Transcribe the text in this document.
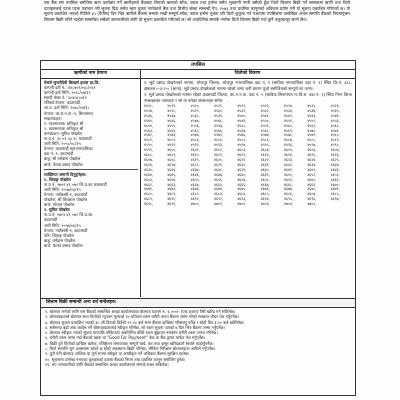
यस बैंक संग तपसिल बमोजिम ऋण कारोबार गर्ने ऋणीहरुले बैंकबाट लिएको ऋणको साँवा, ब्याज तथा हर्जना समेत भुक्तानी नगरी बसेको हुँदा धितो लिलाम बिक्री गर्ने सम्बन्धमा ऋणी तथा धितो दाताहरुलाई पटक पटक पत्राचार गरी सूचना दिंदा समेत ऋण चुक्ता नगरेकाले बैंक तथा वित्तीय संस्था सम्बन्धी ऐन, २०७३ तथा प्रचलित कानूनको अधिकार प्रयोग गरी यो सूचना प्रकाशित गरिएको छ। यो सूचना प्रकाशित भएको मितिले ३५ (पैंतीस) दिन भित्र ऋणीले बैंकमा सम्पर्क राखी सम्पूर्ण साँवा, ब्याज हर्जना चुक्ता गरी धितो फुकुवा गर्न नआएमा तपसिलमा उल्लेखित अचल सम्पत्ति बैंकको नियमानुसार लिलाम बिक्री गरिने व्यहोरा सम्बन्धित सबैको जानकारीको लागि यो सूचना प्रकाशित गरिएको छ। सो अवधिभित्र सम्पर्क नगरेमा धितो लिलाम बिक्री गर्दा कुनै उजुरबाजुर लाग्ने छैन।

तपसिल
ऋणीको नाम ठेगाना	धितोको विवरण
मेसर्स सुन्दरीदेवी बिल्डर्स हाउस प्रा.लि.
कम्पनी दर्ता नं.: १४८७५९/०६८/०६९
कम्पनी दर्ता मिति: २०६८/०७/१२
स्थायी लेखा नं.: ६०४५६८७१२
रजिष्टर्ड ठेगाना: काठमाडौं
आ.व. दर्ता मिति: २०७८/०४/१८
ठेगाना: का.म.न.पा.-९, सिनामंगल
संचालकहरु:
१. व्यवस्थापक अधिकृत श्री
२. व्यवस्थापक अधिकृत श्री
तामाङकन: सुमित पोखरेल
ना.प्र.नं. ३५ ०१ ५३ ९८ काठमाडौं
जारी मिति: २०५८/०८/१५
ठेगाना: काठमाडौं महानगरपालिका
वडा नं.-९, काठमाडौं
बाबु: श्री धर्मदास पोखरेल
बाजे: केशव प्रसाद पोखरेल
व्यक्तिगत जमानी दिनुहुनेहरू:
१. शिवाङ्ग पोखरेल
ना.प्र.नं. २७०१ ४९ ०७२ जि.प्र.का काठमाडौं
जारी मिति: २०५७/०६/१५
ठेगाना: नयाँबस्ती-९, काठमाडौं
पोखरेल: श्री शिवलाल पोखरेल
बाजे: गोपाल पोखरेल
२. सुमित पोखरेल
ना.प्र.नं. २७०१ ४९ ०७२ जि.प्र.का.
काठमाडौं
जारी मिति: २०५७/०६/१५
ठेगाना: नयाँबस्ती-९, काठमाडौं
पति: शिवाङ्ग पोखरेल
बाबु: धर्मदास पोखरेल
बाजे: केशव प्रसाद पोखरेल

१. सुर्य प्रसाद पोखरेलको नाममा, भोजपुर जिल्ला, भोजपुर नगरपालिका वडा नं. ९ (साविक नगरपालिका वडा नं. ९) स्थित कि.नं. ३६८, क्षेत्रफल ०-३-२-० (आना), सुर्य प्रसाद पोखरेलको नाममा रहेको जग्गा धनी प्रमाण पुर्जा बमोजिमको सम्पूर्ण घर जग्गा।

२. सुर्य प्रसाद पोखरेलको नाममा रहेको काठमाडौं जिल्ला, का.म.न.पा. वडा नं. ९ (साविक सिनामंगल गा.वि.स. वडा नं. ९) स्थित निम्न कित्ता नम्बरहरुका जग्गाहरु र सो मा बनेका संरचनाहरु समेत:

४५१८,	४५१९,	४५२०,	४५२१,	४५२२,	४५२३,	४५२४,	४५२५,	४५२६,
४५२७,	४५२८,	४५२९,	४५३०,	४५३१,	४५३२,	४५३३,	४५३४,	४५३५,
४५३६,	४५३७,	४५३८,	४५३९,	४५४०,	४५४१,	४५४२,	४५४३,	४५४४,
४५४५,	४५४६,	४५४७,	४५४८,	४५४९,	४५५०,	४५५१,	४५५२,	४५५३,
४५५४,	४५५५,	४५५६,	४५५७,	४५५८,	४५५९,	४५६०,	४५६१,	४५६२,
४५६३,	४५६४,	४५६५,	४५६६,	४५६७,	४५६८,	४५६९,	४५७०,	४५७१,
४५७२,	४५७३,	४५७४,	४५७५,	४५७६,	४५७७,	४५७८,	४५७९,	४५८०,
४५८१,	४५८२,	४५८३,	४५८४,	४५८५,	४५८६,	४५८७,	४५८८,	४५८९,
४५९०,	४५९१,	४५९२,	४५९३,	४५९४,	४५९५,	४५९६,	४५९७,	४५९८,
४५९९,	४६००,	४६०१,	४६०२,	४६०३,	४६०४,	४६०५,	४६०६,	४६०७,
४६०८,	४६०९,	४६१०,	४६११,	४६१२,	४६१३,	४६१४,	४६१५,	४६१६,
४६१७,	४६१८,	४६१९,	४६२०,	४६२१,	४६२२,	४६२३,	४६२४,	४६२५,
४६२६,	४६२७,	४६२८,	४६२९,	४६३०,	४६३१,	४६३२,	४६३३,	४६३४,
४६३५,	४६३६,	४६३७,	४६३८,	४६३९,	४६४०,	४६४१,	४६४२,	४६४३,
४६४४,	४६४५,	४६४६,	४६४७,	४६४८,	४६४९,	४६५०,	४६५१,	४६५२,
४६५३,	४६५४,	४६५५,	४६५६,	४६५७,	४६५८,	४६५९,	४६६०,	४६६१,
४६६२,	४६६३,	४६६४,	४६६५,	४६६६,	४६६७,	४६६८,	४६६९,	४६७०,
४६७१,	४६७२,	४६७३,	४६७४,	४६७५,	४६७६,	४६७७,	४६७८,	४६७९,
४६८०,	४६८१,	४६८२,	४६८३,	४६८४,	४६८५,	४६८६,	४६८७,	४६८८,
४६८९,	४६९०,	४६९१,	४६९२,	४६९३,	४६९४,	४६९५,	४६९६,	४६९७,
४६९८,	४६९९,	४७००,	४७०१,	४७०२,	४७०३,	४७०४,	४७०५,
लिलाम बिक्री सम्बन्धी अन्य शर्त बन्देजहरु:
१. बोलपत्र भर्नको लागि यस बैंकको सम्बन्धित शाखा कार्यालयबाट बोलपत्र फाराम रु. १,०००/- (एक हजार) तिरी खरिद गर्न सकिनेछ।
२. बोलपत्रदाताले बोलपत्र साथ धितोको न्यूनतम मूल्यको १० प्रतिशत रकम धरौटी वापत बैंकमा जम्मा गरेको सक्कल भौचर पेश गर्नुपर्नेछ।
३. बोलपत्र सूचना प्रकाशित भएको ३५ औं दिनको दिउँसो १२:०० बजे सम्म बैंकमा दाखिला गरिसक्नु पर्नेछ र सोही दिन ३:०० बजे खोलिनेछ।
४. सबैभन्दा बढी अंक कबोल गर्ने बोलपत्रदातालाई स्वीकृत गरिनेछ, सो रकम सूचना पाएको ७ दिन भित्र बैंकमा जम्मा गर्नुपर्नेछ।
५. बोलपत्र स्वीकृत भएको सूचना पाएपछि तोकिएको अवधिभित्र बाँकी रकम बुझाउन नसकेमा धरौटी रकम जफत गरिनेछ।
६. धरौटी रकम जम्मा गर्दा बैंकको खाता वा "Good For Payment" चेक वा बैंक ड्राफ्ट मार्फत पेश गर्नुपर्नेछ।
७. बिक्री हुने धितोको दाखिल खारेज, रजिष्ट्रेशन लगायतका सम्पूर्ण खर्च, कर तथा दस्तुर खरिदकर्ता स्वयंले व्यहोर्नुपर्नेछ।
८. धितो सम्पत्ति जुन अवस्थामा रहेको छ सोही अवस्थामा बिक्री गरिनेछ, भौतिक निरीक्षण बोलपत्रदाता आफैंले गर्नुपर्नेछ।
९. कुनै पनि बोलपत्र आंशिक वा पूर्ण रुपमा स्वीकृत वा अस्वीकृत गर्ने अधिकार बैंकमा सुरक्षित रहनेछ।
१०. सूचनामा उल्लेख नभएका कुराहरुको हकमा बैंकको नियम तथा प्रचलित कानून बमोजिम हुनेछ।
११. थप जानकारीको लागि बैंकको सम्बन्धित शाखा कार्यालयमा सम्पर्क राख्न सकिनेछ।
